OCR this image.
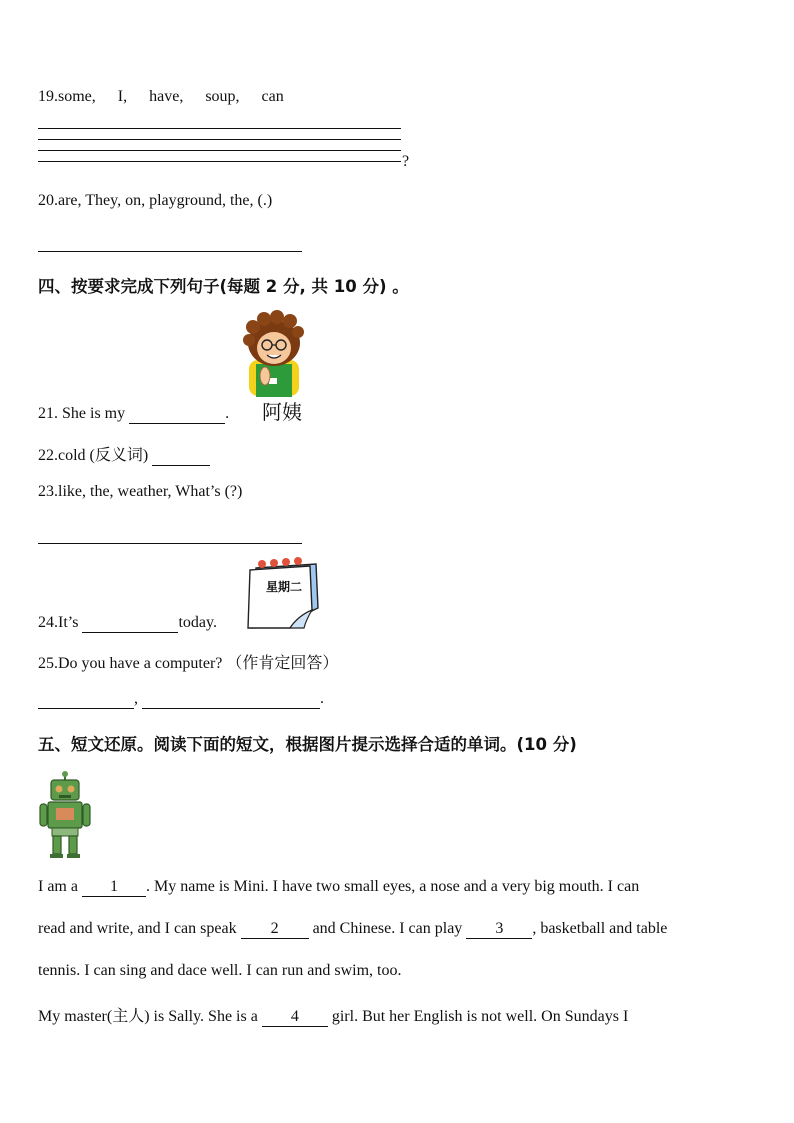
19.some, I, have, soup, can
?
20.are, They, on, playground, the, (.)
四、按要求完成下列句子(每题 2 分, 共 10 分) 。
阿姨
21. She is my	.
22.cold (反义词)
23.like, the, weather, What’s (?)
星期二
24.It’s	today.
25.Do you have a computer? （作肯定回答）
,	.
五、短文还原。阅读下面的短文，根据图片提示选择合适的单词。(10 分)
I am a 1 . My name is Mini. I have two small eyes, a nose and a very big mouth. I can
read and write, and I can speak 2 and Chinese. I can play 3 , basketball and table
tennis. I can sing and dace well. I can run and swim, too.
My master(主人) is Sally. She is a 4 girl. But her English is not well. On Sundays I
